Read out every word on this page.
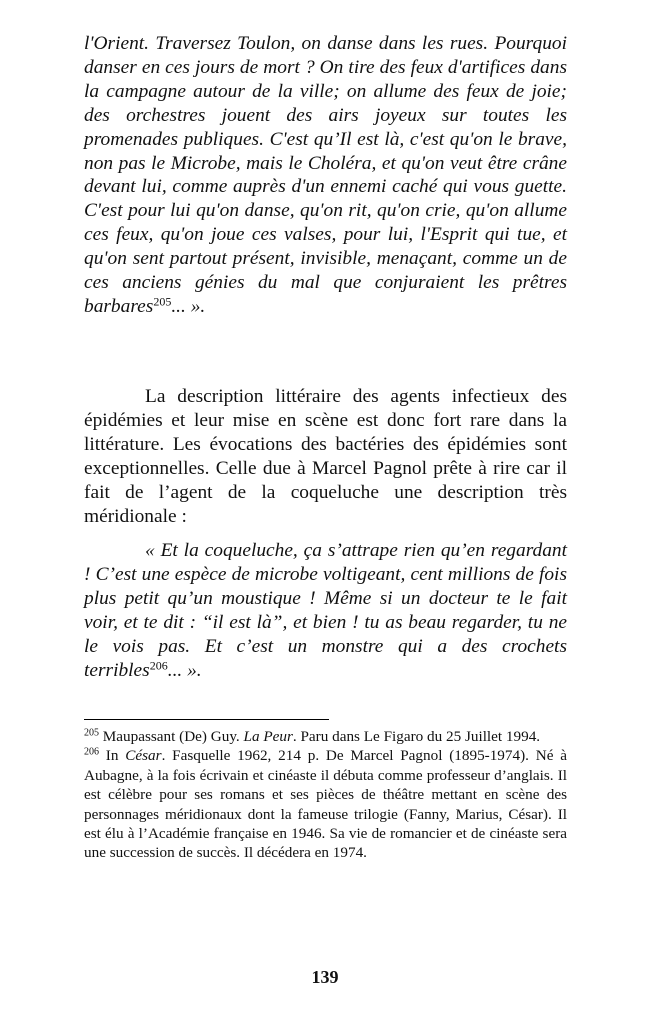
l'Orient. Traversez Toulon, on danse dans les rues. Pourquoi danser en ces jours de mort ? On tire des feux d'artifices dans la campagne autour de la ville; on allume des feux de joie; des orchestres jouent des airs joyeux sur toutes les promenades publiques. C'est qu’Il est là, c'est qu'on le brave, non pas le Microbe, mais le Choléra, et qu'on veut être crâne devant lui, comme auprès d'un ennemi caché qui vous guette. C'est pour lui qu'on danse, qu'on rit, qu'on crie, qu'on allume ces feux, qu'on joue ces valses, pour lui, l'Esprit qui tue, et qu'on sent partout présent, invisible, menaçant, comme un de ces anciens génies du mal que conjuraient les prêtres barbares$^{205}$... ».

La description littéraire des agents infectieux des épidémies et leur mise en scène est donc fort rare dans la littérature. Les évocations des bactéries des épidémies sont exceptionnelles. Celle due à Marcel Pagnol prête à rire car il fait de l’agent de la coqueluche une description très méridionale :

« Et la coqueluche, ça s’attrape rien qu’en regardant ! C’est une espèce de microbe voltigeant, cent millions de fois plus petit qu’un moustique ! Même si un docteur te le fait voir, et te dit : “il est là”, et bien ! tu as beau regarder, tu ne le vois pas. Et c’est un monstre qui a des crochets terribles$^{206}$... ».

$^{205}$ Maupassant (De) Guy. La Peur. Paru dans Le Figaro du 25 Juillet 1994.

$^{206}$ In César. Fasquelle 1962, 214 p. De Marcel Pagnol (1895-1974). Né à Aubagne, à la fois écrivain et cinéaste il débuta comme professeur d’anglais. Il est célèbre pour ses romans et ses pièces de théâtre mettant en scène des personnages méridionaux dont la fameuse trilogie (Fanny, Marius, César). Il est élu à l’Académie française en 1946. Sa vie de romancier et de cinéaste sera une succession de succès. Il décédera en 1974.

139
